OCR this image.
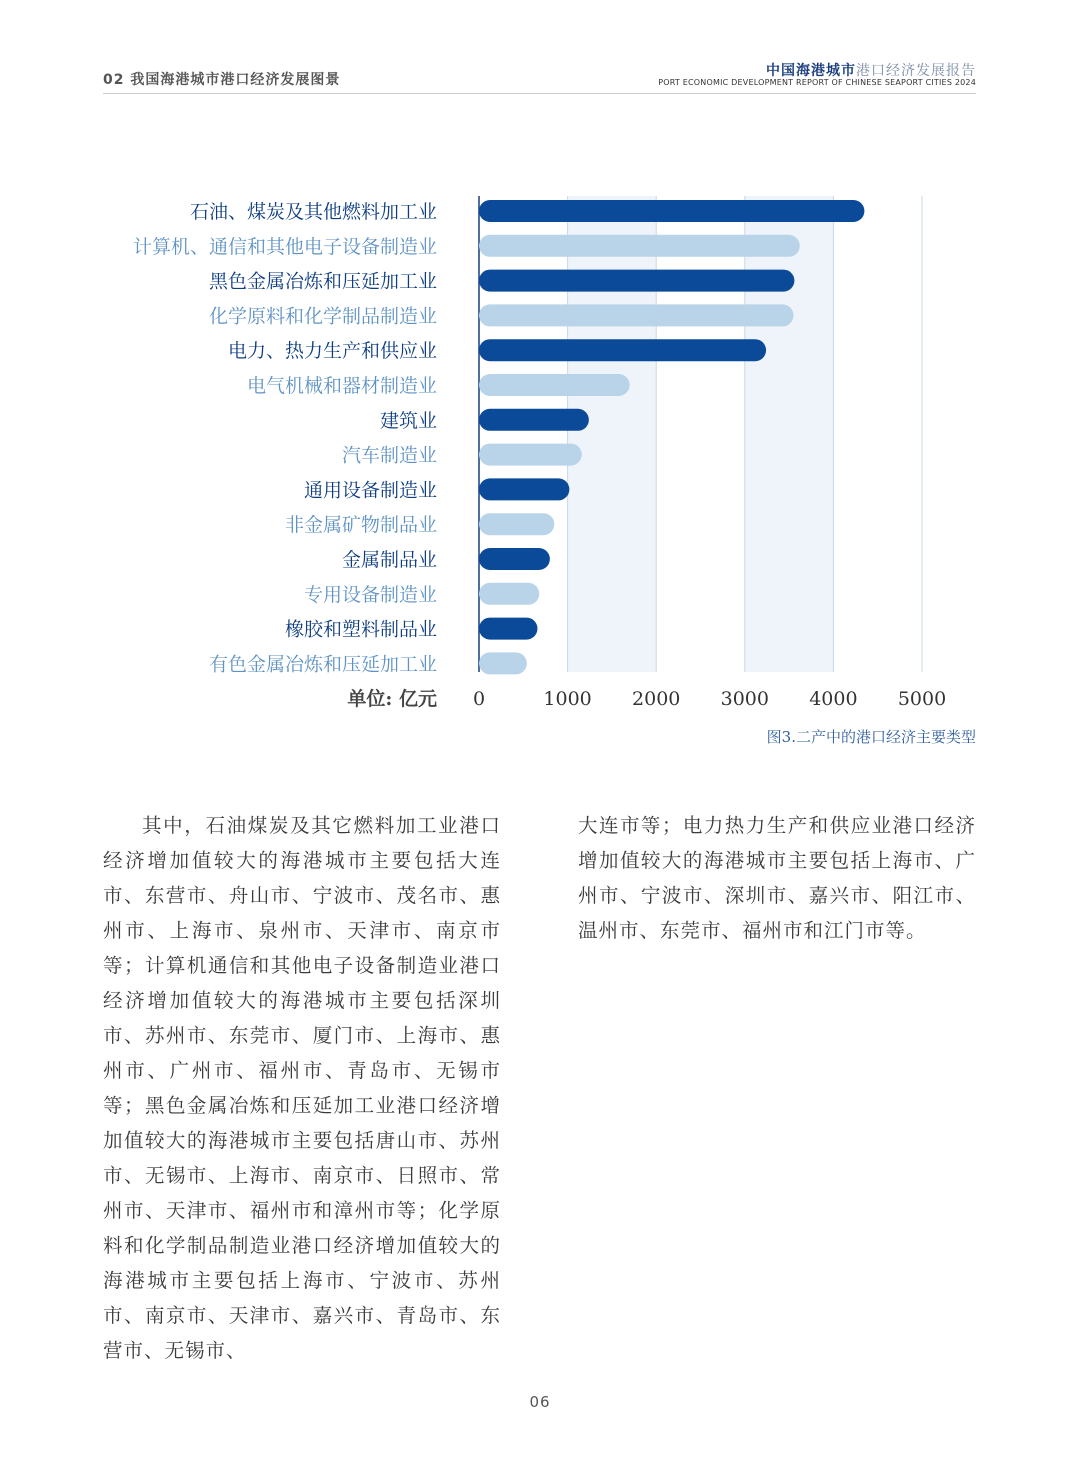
02 我国海港城市港口经济发展图景
中国海港城市港口经济发展报告
PORT ECONOMIC DEVELOPMENT REPORT OF CHINESE SEAPORT CITIES 2024
石油、煤炭及其他燃料加工业
计算机、通信和其他电子设备制造业
黑色金属冶炼和压延加工业
化学原料和化学制品制造业
电力、热力生产和供应业
电气机械和器材制造业
建筑业
汽车制造业
通用设备制造业
非金属矿物制品业
金属制品业
专用设备制造业
橡胶和塑料制品业
有色金属冶炼和压延加工业
0	1000 2000 3000 4000 5000
单位: 亿元
图3.二产中的港口经济主要类型

其中，石油煤炭及其它燃料加工业港口经济增加值较大的海港城市主要包括大连市、东营市、舟山市、宁波市、茂名市、惠州市、上海市、泉州市、天津市、南京市等；计算机通信和其他电子设备制造业港口经济增加值较大的海港城市主要包括深圳市、苏州市、东莞市、厦门市、上海市、惠州市、广州市、福州市、青岛市、无锡市等；黑色金属冶炼和压延加工业港口经济增加值较大的海港城市主要包括唐山市、苏州市、无锡市、上海市、南京市、日照市、常州市、天津市、福州市和漳州市等；化学原料和化学制品制造业港口经济增加值较大的海港城市主要包括上海市、宁波市、苏州市、南京市、天津市、嘉兴市、青岛市、东营市、无锡市、

大连市等；电力热力生产和供应业港口经济增加值较大的海港城市主要包括上海市、广州市、宁波市、深圳市、嘉兴市、阳江市、温州市、东莞市、福州市和江门市等。

06
